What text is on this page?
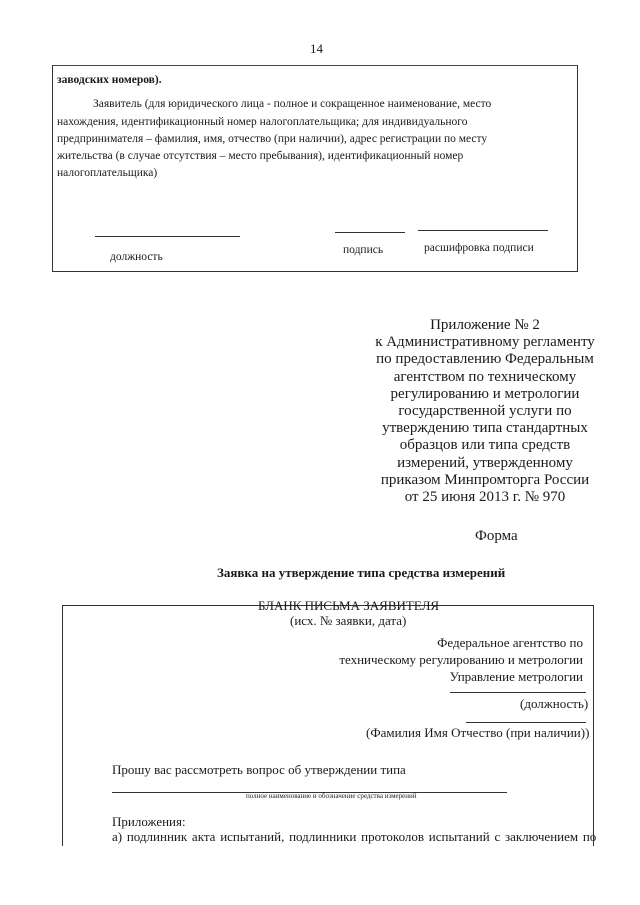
14
заводских номеров).
Заявитель (для юридического лица - полное и сокращенное наименование, место
нахождения, идентификационный номер налогоплательщика; для индивидуального
предпринимателя – фамилия, имя, отчество (при наличии), адрес регистрации по месту
жительства (в случае отсутствия – место пребывания), идентификационный номер
налогоплательщика)
должность
подпись	расшифровка подписи
Приложение № 2
к Административному регламенту
по предоставлению Федеральным
агентством по техническому
регулированию и метрологии
государственной услуги по
утверждению типа стандартных
образцов или типа средств
измерений, утвержденному
приказом Минпромторга России
от 25 июня 2013 г. № 970
Форма
Заявка на утверждение типа средства измерений
БЛАНК ПИСЬМА ЗАЯВИТЕЛЯ
(исх. № заявки, дата)
Федеральное агентство по
техническому регулированию и метрологии
Управление метрологии
(должность)
(Фамилия Имя Отчество (при наличии))
Прошу вас рассмотреть вопрос об утверждении типа
полное наименование и обозначение средства измерений
Приложения:
а) подлинник акта испытаний, подлинники протоколов испытаний с заключением по
